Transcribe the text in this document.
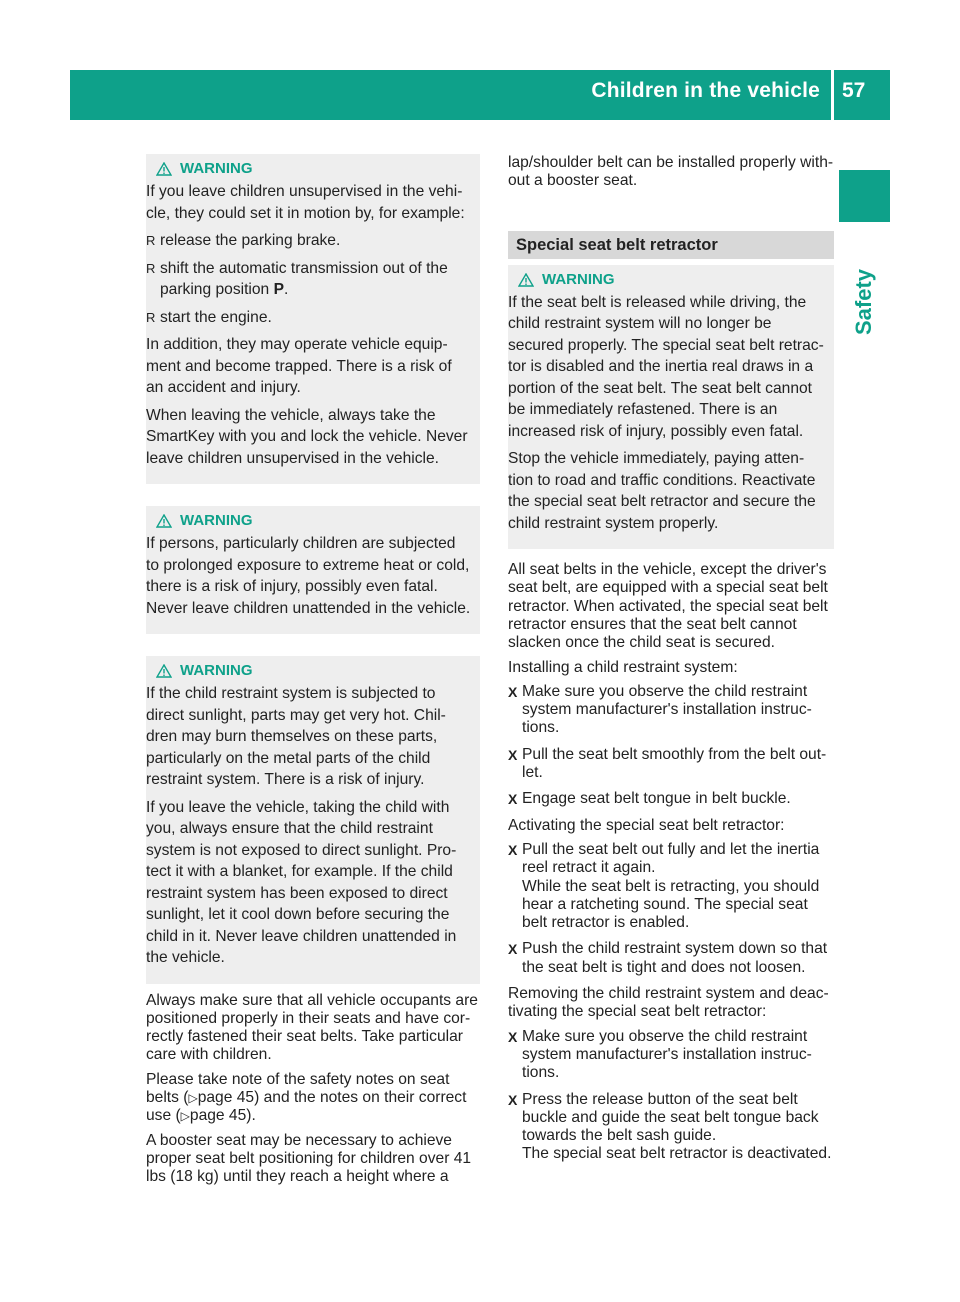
Children in the vehicle 57
Safety
WARNING
If you leave children unsupervised in the vehi-cle, they could set it in motion by, for example:
R release the parking brake.
R shift the automatic transmission out of the parking position P.
R start the engine.
In addition, they may operate vehicle equip-ment and become trapped. There is a risk of an accident and injury.
When leaving the vehicle, always take the SmartKey with you and lock the vehicle. Never leave children unsupervised in the vehicle.
WARNING
If persons, particularly children are subjected to prolonged exposure to extreme heat or cold, there is a risk of injury, possibly even fatal. Never leave children unattended in the vehicle.
WARNING
If the child restraint system is subjected to direct sunlight, parts may get very hot. Chil-dren may burn themselves on these parts, particularly on the metal parts of the child restraint system. There is a risk of injury.
If you leave the vehicle, taking the child with you, always ensure that the child restraint system is not exposed to direct sunlight. Pro-tect it with a blanket, for example. If the child restraint system has been exposed to direct sunlight, let it cool down before securing the child in it. Never leave children unattended in the vehicle.
Always make sure that all vehicle occupants are positioned properly in their seats and have cor-rectly fastened their seat belts. Take particular care with children.
Please take note of the safety notes on seat belts (▷page 45) and the notes on their correct use (▷page 45).
A booster seat may be necessary to achieve proper seat belt positioning for children over 41 lbs (18 kg) until they reach a height where a
lap/shoulder belt can be installed properly with-out a booster seat.
Special seat belt retractor
WARNING
If the seat belt is released while driving, the child restraint system will no longer be secured properly. The special seat belt retrac-tor is disabled and the inertia real draws in a portion of the seat belt. The seat belt cannot be immediately refastened. There is an increased risk of injury, possibly even fatal.
Stop the vehicle immediately, paying atten-tion to road and traffic conditions. Reactivate the special seat belt retractor and secure the child restraint system properly.
All seat belts in the vehicle, except the driver's seat belt, are equipped with a special seat belt retractor. When activated, the special seat belt retractor ensures that the seat belt cannot slacken once the child seat is secured.
Installing a child restraint system:
X Make sure you observe the child restraint system manufacturer's installation instruc-tions.
X Pull the seat belt smoothly from the belt out-let.
X Engage seat belt tongue in belt buckle.
Activating the special seat belt retractor:
X Pull the seat belt out fully and let the inertia reel retract it again.
While the seat belt is retracting, you should hear a ratcheting sound. The special seat belt retractor is enabled.
X Push the child restraint system down so that the seat belt is tight and does not loosen.
Removing the child restraint system and deac-tivating the special seat belt retractor:
X Make sure you observe the child restraint system manufacturer's installation instruc-tions.
X Press the release button of the seat belt buckle and guide the seat belt tongue back towards the belt sash guide.
The special seat belt retractor is deactivated.
